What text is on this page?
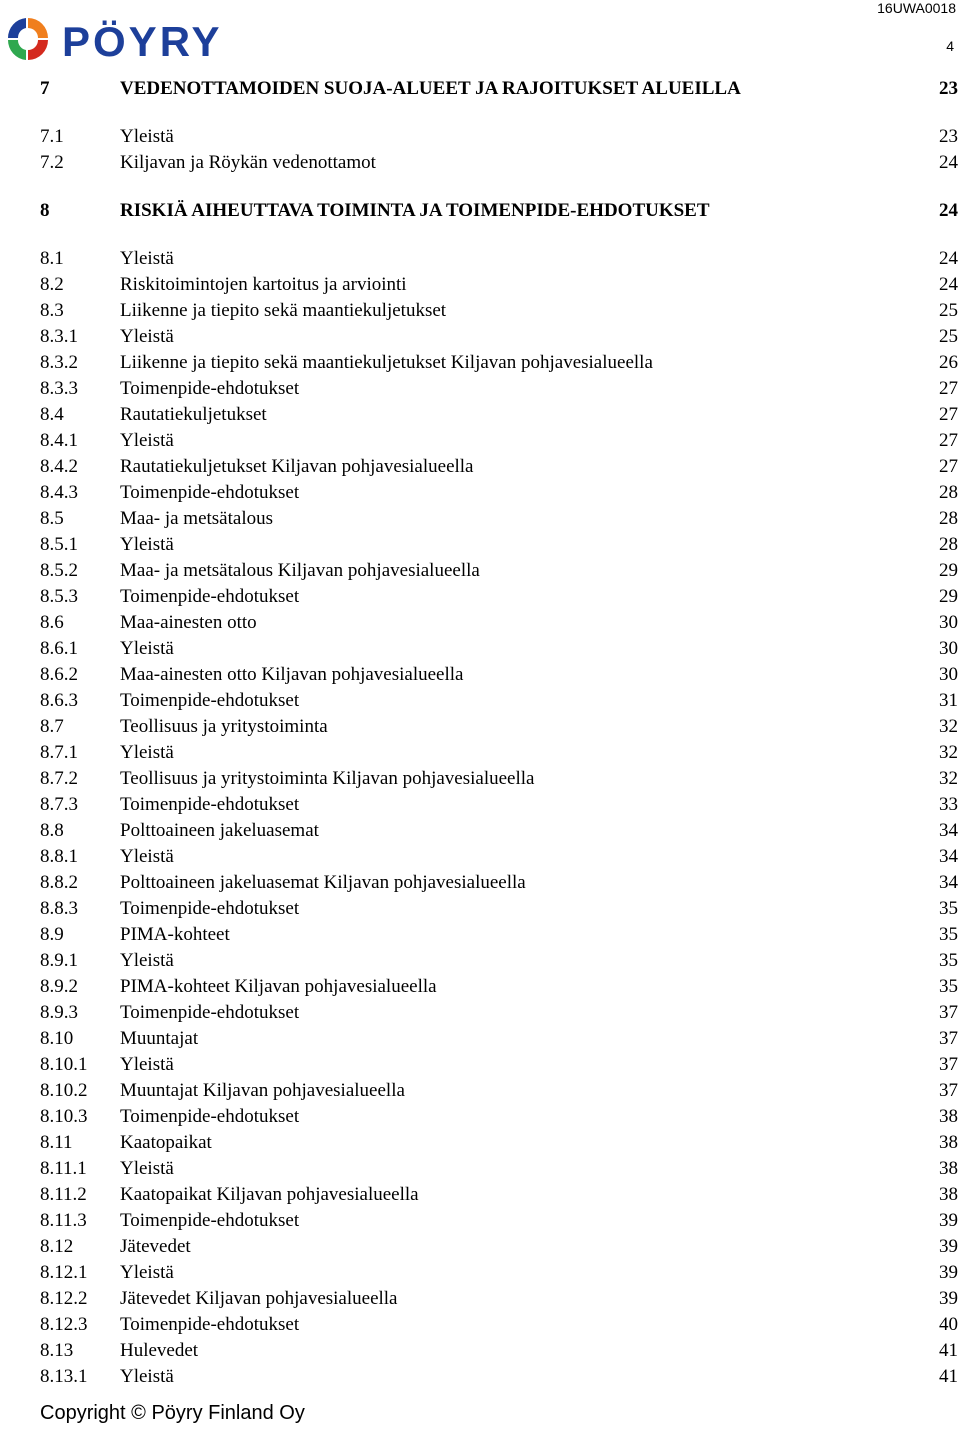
PÖYRY
16UWA0018
4
7	VEDENOTTAMOIDEN SUOJA-ALUEET JA RAJOITUKSET ALUEILLA	23
7.1	Yleistä	23
7.2	Kiljavan ja Röykän vedenottamot	24
8	RISKIÄ AIHEUTTAVA TOIMINTA JA TOIMENPIDE-EHDOTUKSET	24
8.1	Yleistä	24
8.2	Riskitoimintojen kartoitus ja arviointi	24
8.3	Liikenne ja tiepito sekä maantiekuljetukset	25
8.3.1 Yleistä	25
8.3.2 Liikenne ja tiepito sekä maantiekuljetukset Kiljavan pohjavesialueella	26
8.3.3 Toimenpide-ehdotukset	27
8.4	Rautatiekuljetukset	27
8.4.1 Yleistä	27
8.4.2 Rautatiekuljetukset Kiljavan pohjavesialueella	27
8.4.3 Toimenpide-ehdotukset	28
8.5	Maa- ja metsätalous	28
8.5.1 Yleistä	28
8.5.2 Maa- ja metsätalous Kiljavan pohjavesialueella	29
8.5.3 Toimenpide-ehdotukset	29
8.6	Maa-ainesten otto	30
8.6.1 Yleistä	30
8.6.2 Maa-ainesten otto Kiljavan pohjavesialueella	30
8.6.3 Toimenpide-ehdotukset	31
8.7	Teollisuus ja yritystoiminta	32
8.7.1 Yleistä	32
8.7.2 Teollisuus ja yritystoiminta Kiljavan pohjavesialueella	32
8.7.3 Toimenpide-ehdotukset	33
8.8	Polttoaineen jakeluasemat	34
8.8.1 Yleistä	34
8.8.2 Polttoaineen jakeluasemat Kiljavan pohjavesialueella	34
8.8.3 Toimenpide-ehdotukset	35
8.9	PIMA-kohteet	35
8.9.1 Yleistä	35
8.9.2 PIMA-kohteet Kiljavan pohjavesialueella	35
8.9.3 Toimenpide-ehdotukset	37
8.10 Muuntajat	37
8.10.1 Yleistä	37
8.10.2 Muuntajat Kiljavan pohjavesialueella	37
8.10.3 Toimenpide-ehdotukset	38
8.11 Kaatopaikat	38
8.11.1 Yleistä	38
8.11.2 Kaatopaikat Kiljavan pohjavesialueella	38
8.11.3 Toimenpide-ehdotukset	39
8.12 Jätevedet	39
8.12.1 Yleistä	39
8.12.2 Jätevedet Kiljavan pohjavesialueella	39
8.12.3 Toimenpide-ehdotukset	40
8.13 Hulevedet	41
8.13.1 Yleistä	41
Copyright © Pöyry Finland Oy
